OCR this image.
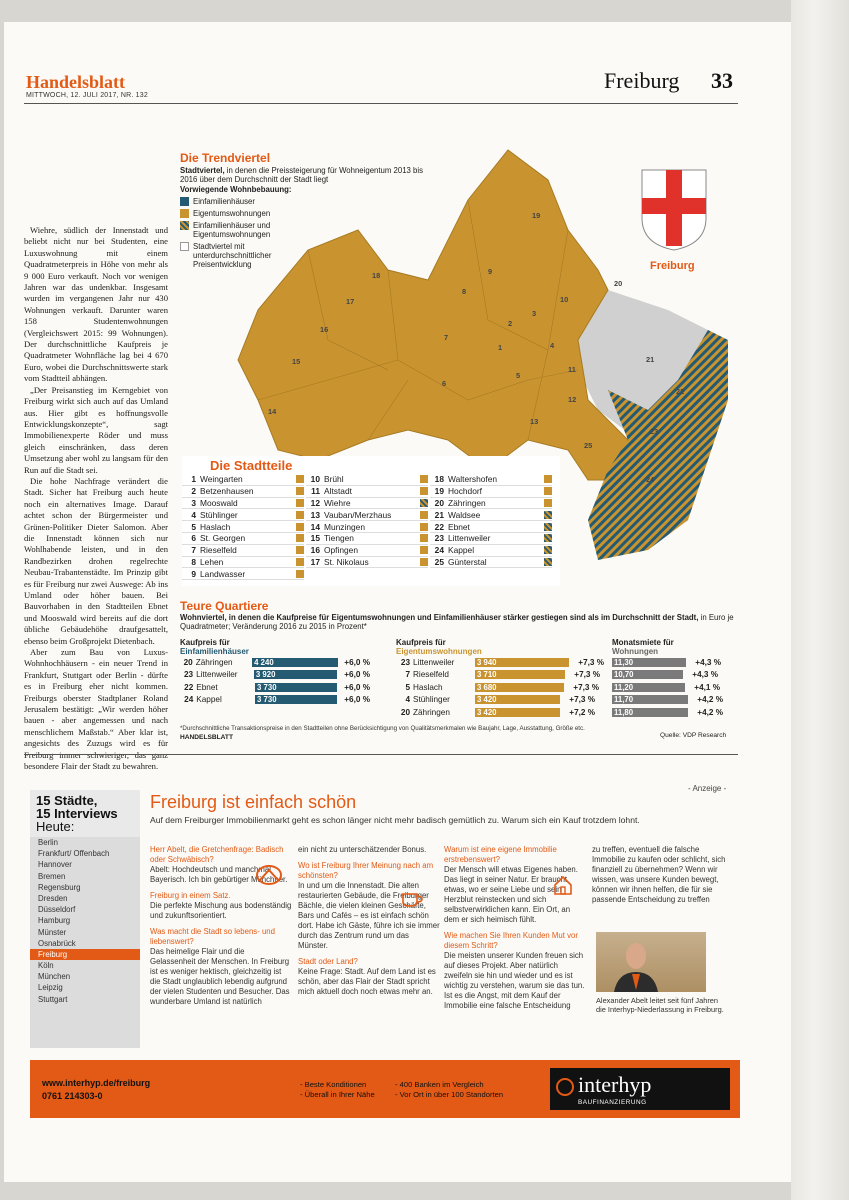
Handelsblatt
MITTWOCH, 12. JULI 2017, NR. 132
Freiburg 33

Wiehre, südlich der Innenstadt und beliebt nicht nur bei Studenten, eine Luxuswohnung mit einem Quadratmeterpreis in Höhe von mehr als 9 000 Euro verkauft. Noch vor wenigen Jahren war das undenkbar. Insgesamt wurden im vergangenen Jahr nur 430 Wohnungen verkauft. Darunter waren 158 Studentenwohnungen (Vergleichswert 2015: 99 Wohnungen). Der durchschnittliche Kaufpreis je Quadratmeter Wohnfläche lag bei 4 670 Euro, wobei die Durchschnittswerte stark vom Stadtteil abhängen.

„Der Preisanstieg im Kerngebiet von Freiburg wirkt sich auch auf das Umland aus. Hier gibt es hoffnungsvolle Entwicklungskonzepte“, sagt Immobilienexperte Röder und muss gleich einschränken, dass deren Umsetzung aber wohl zu langsam für den Run auf die Stadt sei.

Die hohe Nachfrage verändert die Stadt. Sicher hat Freiburg auch heute noch ein alternatives Image. Darauf achtet schon der Bürgermeister und Grünen-Politiker Dieter Salomon. Aber die Innenstadt können sich nur Wohlhabende leisten, und in den Randbezirken drohen regelrechte Neubau-Trabantenstädte. Im Prinzip gibt es für Freiburg nur zwei Auswege: Ab ins Umland oder höher bauen. Bei Bauvorhaben in den Stadtteilen Ebnet und Mooswald wird bereits auf die dort übliche Gebäudehöhe draufgesattelt, ebenso beim Großprojekt Dietenbach.

Aber zum Bau von Luxus-Wohnhochhäusern - ein neuer Trend in Frankfurt, Stuttgart oder Berlin - dürfte es in Freiburg eher nicht kommen. Freiburgs oberster Stadtplaner Roland Jerusalem bestätigt: „Wir werden höher bauen - aber angemessen und nach menschlichem Maßstab.“ Aber klar ist, angesichts des Zuzugs wird es für besondere Flair der Stadt zu bewahren.

19
18	9
8
17	10
20
3
2
16
7
1	4
21
15
11
5
6
22
12
14
13
23
25
24
Die Trendviertel
Stadtviertel, in denen die Preissteigerung für Wohneigentum 2013 bis 2016 über dem Durchschnitt der Stadt liegt
Vorwiegende Wohnbebauung:
Einfamilienhäuser
Eigentumswohnungen
Einfamilienhäuser und Eigentumswohnungen
Stadtviertel mit unterdurchschnittlicher Preisentwicklung	Freiburg
Die Stadtteile
1 Weingarten
2 Betzenhausen
3 Mooswald
4 Stühlinger
5 Haslach
6 St. Georgen
7 Rieselfeld
8 Lehen
9 Landwasser
10 Brühl
11 Altstadt
12 Wiehre
13 Vauban/Merzhaus
14 Munzingen
15 Tiengen
16 Opfingen
17 St. Nikolaus
18 Waltershofen
19 Hochdorf
20 Zähringen
21 Waldsee
22 Ebnet
23 Littenweiler
24 Kappel
25 Günterstal
Teure Quartiere
Wohnviertel, in denen die Kaufpreise für Eigentumswohnungen und Einfamilienhäuser stärker gestiegen sind als im Durchschnitt der Stadt, in Euro je Quadratmeter; Veränderung 2016 zu 2015 in Prozent*
Kaufpreis für
Einfamilienhäuser
20 Zähringen	4 240	+6,0 %
23 Littenweiler	3 920	+6,0 %
22 Ebnet	3 730	+6,0 %
24 Kappel	3 730	+6,0 %
Kaufpreis für
Eigentumswohnungen
23 Littenweiler	3 940	+7,3 %
7 Rieselfeld	3 710	+7,3 %
5 Haslach	3 680	+7,3 %
4 Stühlinger	3 420	+7,3 %
20 Zähringen	3 420	+7,2 %
Monatsmiete für
Wohnungen
11,30	+4,3 %
10,70	+4,3 %
11,20	+4,1 %
11,70	+4,2 %
11,80	+4,2 %
*Durchschnittliche Transaktionspreise in den Stadtteilen ohne Berücksichtigung von Qualitätsmerkmalen wie Baujahr, Lage, Ausstattung, Größe etc.
HANDELSBLATT	Quelle: VDP Research
- Anzeige -
15 Städte,
15 Interviews
Heute:
Berlin
Frankfurt/ Offenbach
Hannover
Bremen
Regensburg
Dresden
Düsseldorf
Hamburg
Münster
Osnabrück
Freiburg
Köln
München
Leipzig
Stuttgart
Freiburg ist einfach schön
Auf dem Freiburger Immobilienmarkt geht es schon länger nicht mehr badisch gemütlich zu. Warum sich ein Kauf trotzdem lohnt.
Herr Abelt, die Gretchenfrage: Badisch oder Schwäbisch?
Abelt: Hochdeutsch und manchmal Bayerisch. Ich bin gebürtiger Münchner.
Freiburg in einem Satz.
Die perfekte Mischung aus bodenständig und zukunftsorientiert.
Was macht die Stadt so lebens- und liebenswert?
Das heimelige Flair und die Gelassenheit der Menschen. In Freiburg ist es weniger hektisch, gleichzeitig ist die Stadt unglaublich lebendig aufgrund der vielen Studenten und Besucher. Das wunderbare Umland ist natürlich
ein nicht zu unterschätzender Bonus.
Wo ist Freiburg Ihrer Meinung nach am schönsten?
In und um die Innenstadt. Die alten restaurierten Gebäude, die Freiburger Bächle, die vielen kleinen Geschäfte, Bars und Cafés – es ist einfach schön dort. Habe ich Gäste, führe ich sie immer durch das Zentrum rund um das Münster.
Stadt oder Land?
Keine Frage: Stadt. Auf dem Land ist es schön, aber das Flair der Stadt spricht mich aktuell doch noch etwas mehr an.
Warum ist eine eigene Immobilie erstrebenswert?
Der Mensch will etwas Eigenes haben. Das liegt in seiner Natur. Er braucht etwas, wo er seine Liebe und sein Herzblut reinstecken und sich selbstverwirklichen kann. Ein Ort, an dem er sich heimisch fühlt.
Wie machen Sie Ihren Kunden Mut vor diesem Schritt?
Die meisten unserer Kunden freuen sich auf dieses Projekt. Aber natürlich zweifeln sie hin und wieder und es ist wichtig zu verstehen, warum sie das tun. Ist es die Angst, mit dem Kauf der Immobilie eine falsche Entscheidung
zu treffen, eventuell die falsche Immobilie zu kaufen oder schlicht, sich finanziell zu übernehmen? Wenn wir wissen, was unsere Kunden bewegt, können wir ihnen helfen, die für sie passende Entscheidung zu treffen
Alexander Abelt leitet seit fünf Jahren die Interhyp-Niederlassung in Freiburg.
www.interhyp.de/freiburg
0761 214303-0
- Beste Konditionen
- Überall in Ihrer Nähe
- 400 Banken im Vergleich
- Vor Ort in über 100 Standorten	interhyp
BAUFINANZIERUNG
